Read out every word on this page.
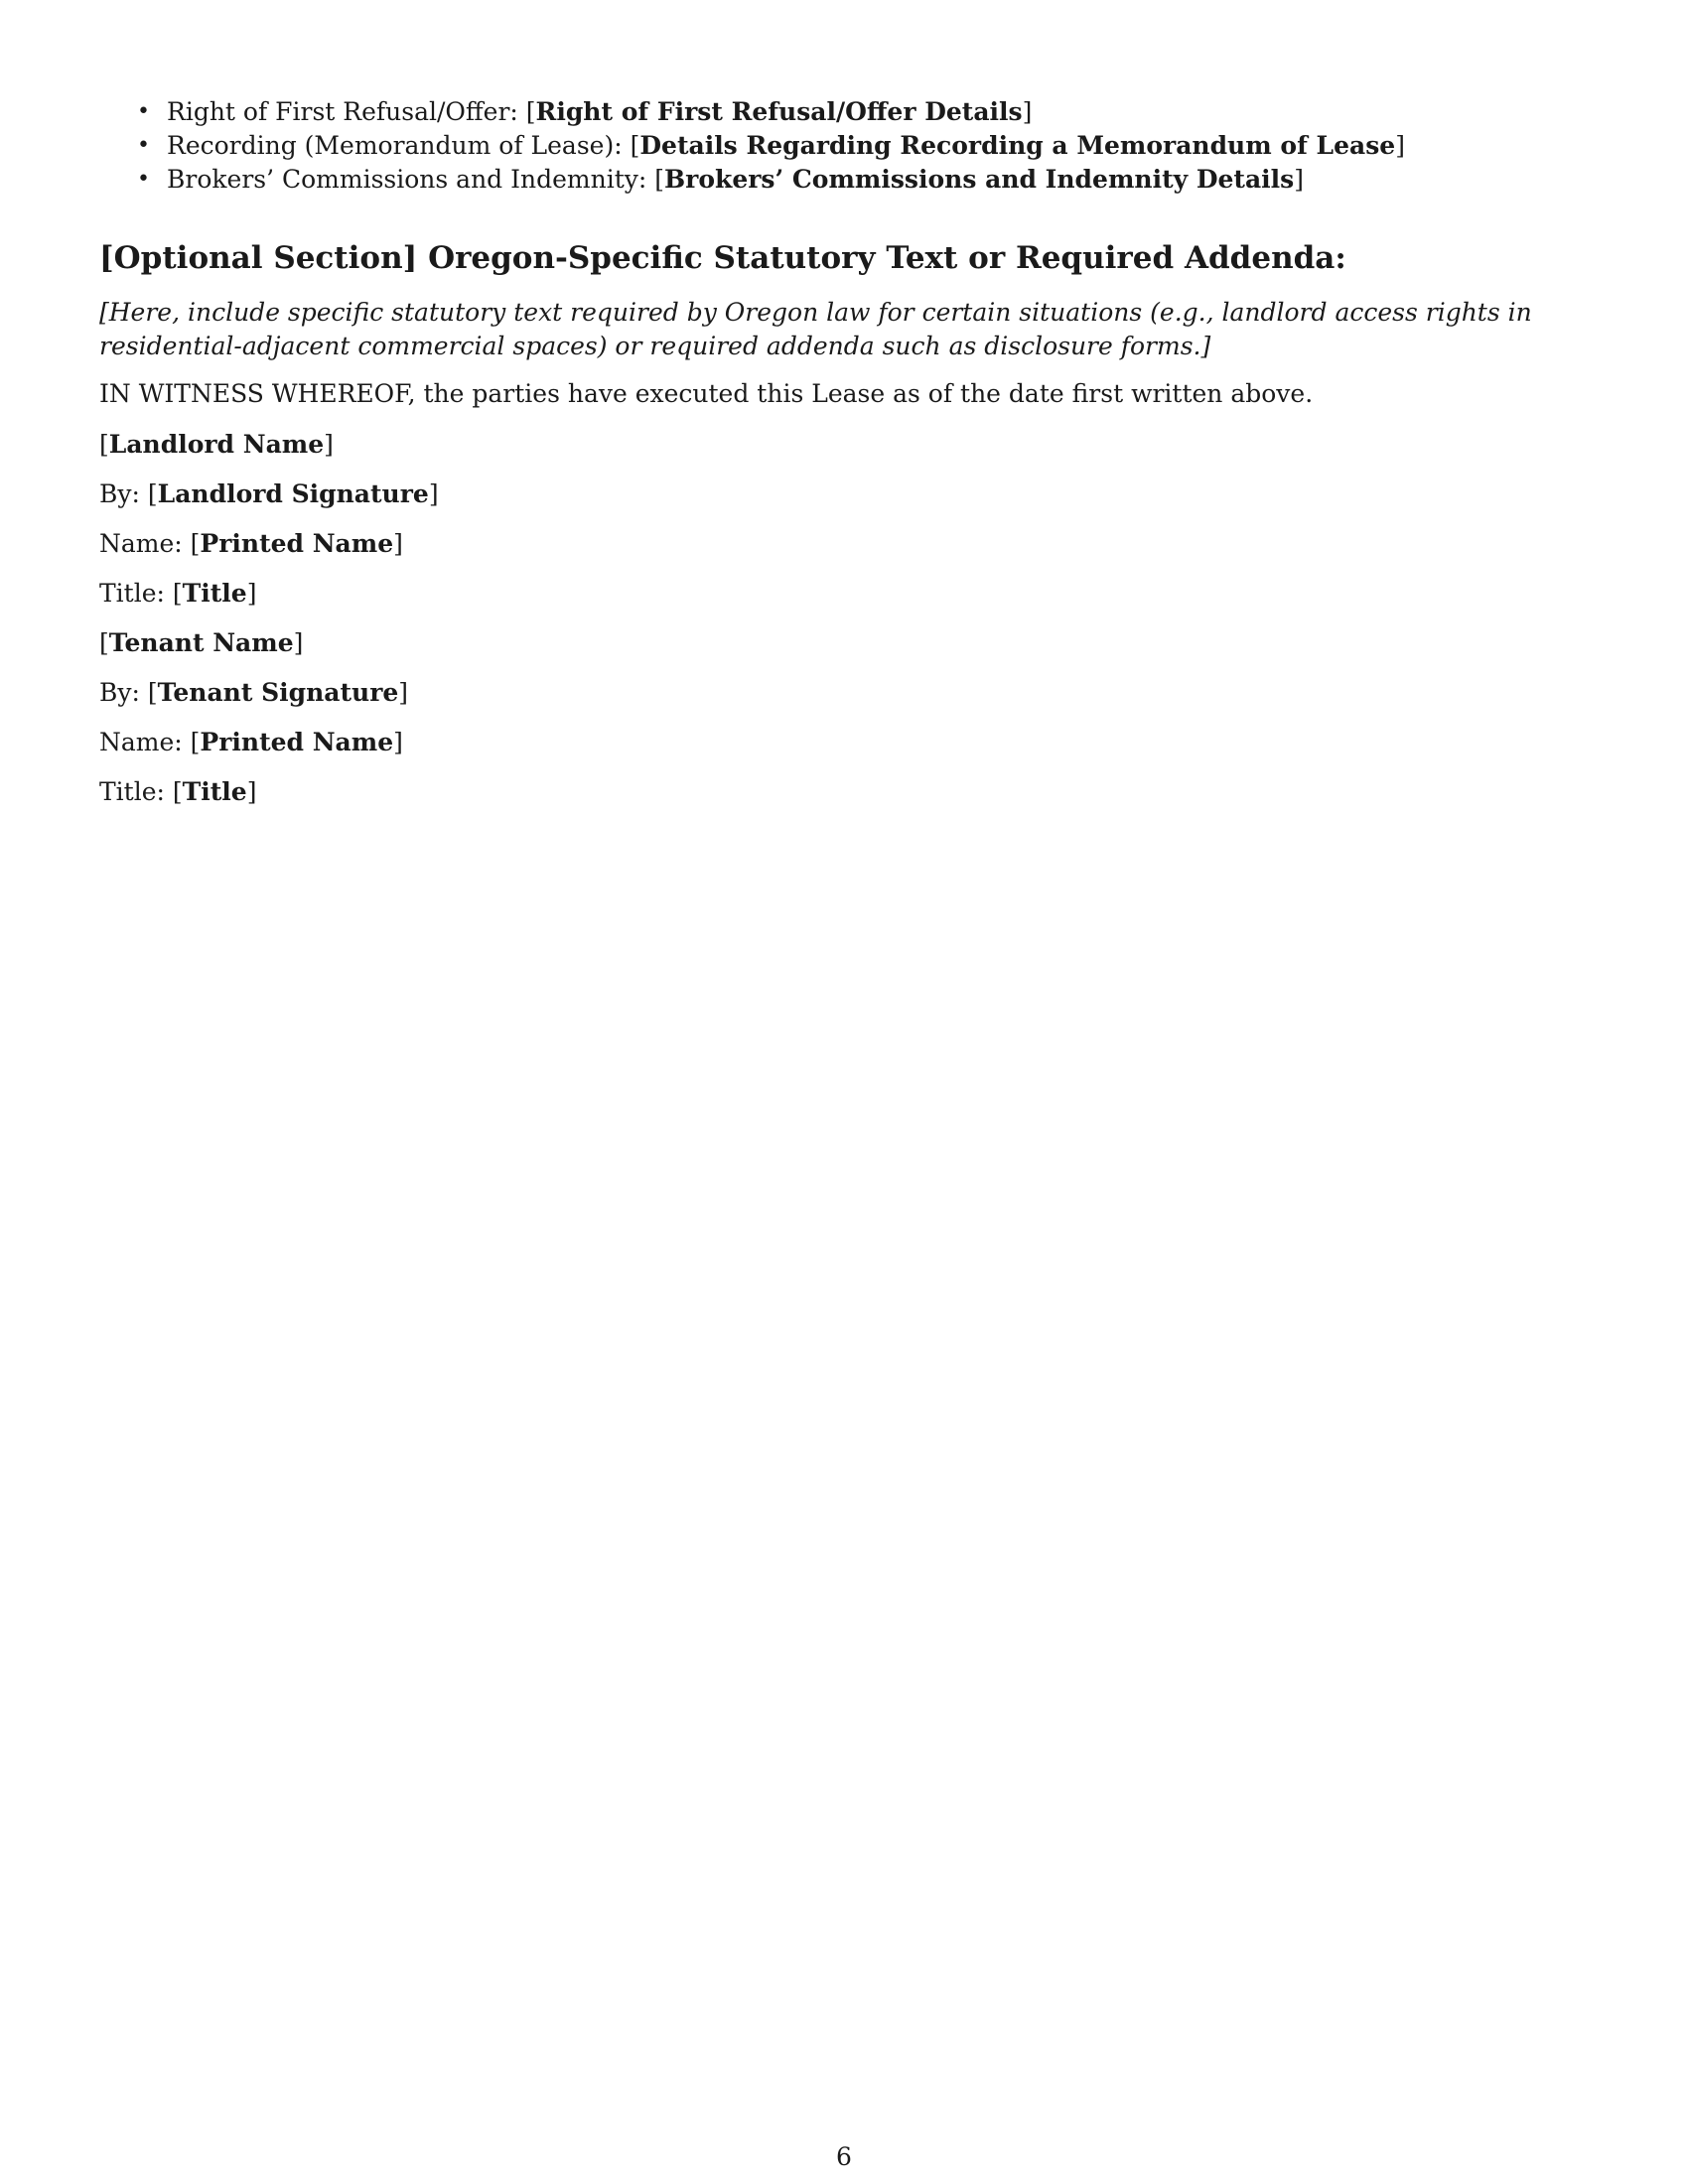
• Right of First Refusal/Offer: [Right of First Refusal/Offer Details]
• Recording (Memorandum of Lease): [Details Regarding Recording a Memorandum of Lease]
• Brokers’ Commissions and Indemnity: [Brokers’ Commissions and Indemnity Details]
[Optional Section] Oregon-Specific Statutory Text or Required Addenda:

[Here, include specific statutory text required by Oregon law for certain situations (e.g., landlord access rights in residential-adjacent commercial spaces) or required addenda such as disclosure forms.]

IN WITNESS WHEREOF, the parties have executed this Lease as of the date first written above.

[Landlord Name]

By: [Landlord Signature]

Name: [Printed Name]

Title: [Title]

[Tenant Name]

By: [Tenant Signature]

Name: [Printed Name]

Title: [Title]

6
